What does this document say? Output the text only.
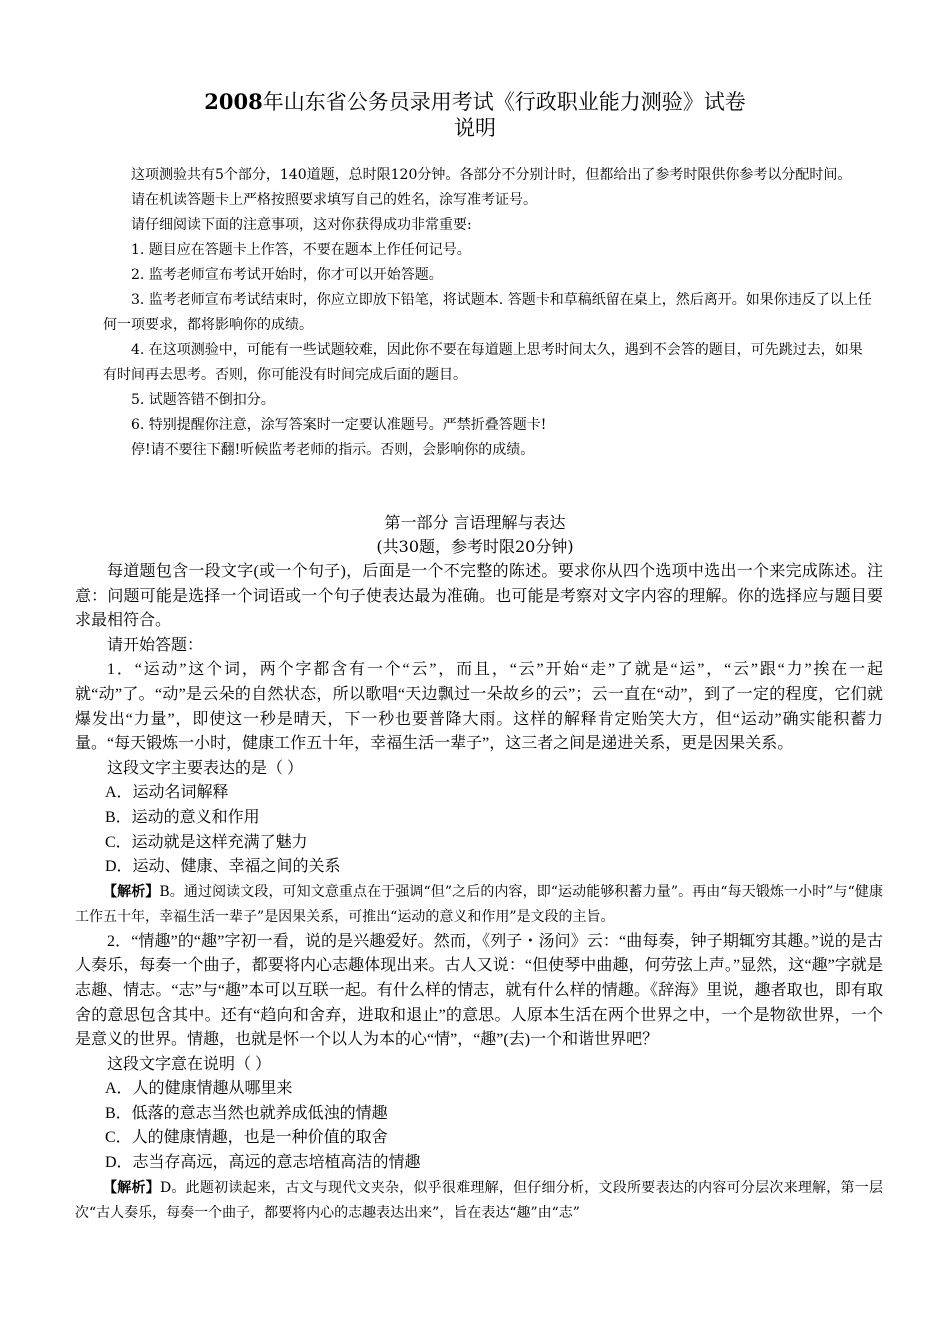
2008年山东省公务员录用考试《行政职业能力测验》试卷
说明

这项测验共有5个部分，140道题，总时限120分钟。各部分不分别计时，但都给出了参考时限供你参考以分配时间。

请在机读答题卡上严格按照要求填写自己的姓名，涂写准考证号。

请仔细阅读下面的注意事项，这对你获得成功非常重要:

1. 题目应在答题卡上作答，不要在题本上作任何记号。

2. 监考老师宣布考试开始时，你才可以开始答题。

3. 监考老师宣布考试结束时，你应立即放下铅笔，将试题本. 答题卡和草稿纸留在桌上，然后离开。如果你违反了以上任何一项要求，都将影响你的成绩。

4. 在这项测验中，可能有一些试题较难，因此你不要在每道题上思考时间太久，遇到不会答的题目，可先跳过去，如果有时间再去思考。否则，你可能没有时间完成后面的题目。

5. 试题答错不倒扣分。

6. 特别提醒你注意，涂写答案时一定要认准题号。严禁折叠答题卡!

停!请不要往下翻!听候监考老师的指示。否则，会影响你的成绩。

第一部分 言语理解与表达
(共30题，参考时限20分钟)

每道题包含一段文字(或一个句子)，后面是一个不完整的陈述。要求你从四个选项中选出一个来完成陈述。注意：问题可能是选择一个词语或一个句子使表达最为准确。也可能是考察对文字内容的理解。你的选择应与题目要求最相符合。

请开始答题：

1．“运动”这个词，两个字都含有一个“云”，而且，“云”开始“走”了就是“运”，“云”跟“力”挨在一起就“动”了。“动”是云朵的自然状态，所以歌唱“天边飘过一朵故乡的云”；云一直在“动”，到了一定的程度，它们就爆发出“力量”，即使这一秒是晴天，下一秒也要普降大雨。这样的解释肯定贻笑大方，但“运动”确实能积蓄力量。“每天锻炼一小时，健康工作五十年，幸福生活一辈子”，这三者之间是递进关系，更是因果关系。

这段文字主要表达的是（ ）

A．运动名词解释
B．运动的意义和作用
C．运动就是这样充满了魅力
D．运动、健康、幸福之间的关系

【解析】B。通过阅读文段，可知文意重点在于强调“但”之后的内容，即“运动能够积蓄力量”。再由“每天锻炼一小时”与“健康工作五十年，幸福生活一辈子”是因果关系，可推出“运动的意义和作用”是文段的主旨。

2．“情趣”的“趣”字初一看，说的是兴趣爱好。然而，《列子・汤问》云：“曲每奏，钟子期辄穷其趣。”说的是古人奏乐，每奏一个曲子，都要将内心志趣体现出来。古人又说：“但使琴中曲趣，何劳弦上声。”显然，这“趣”字就是志趣、情志。“志”与“趣”本可以互联一起。有什么样的情志，就有什么样的情趣。《辞海》里说，趣者取也，即有取舍的意思包含其中。还有“趋向和舍弃，进取和退止”的意思。人原本生活在两个世界之中，一个是物欲世界，一个是意义的世界。情趣，也就是怀一个以人为本的心“情”，“趣”(去)一个和谐世界吧？

这段文字意在说明（ ）

A．人的健康情趣从哪里来
B．低落的意志当然也就养成低浊的情趣
C．人的健康情趣，也是一种价值的取舍
D．志当存高远，高远的意志培植高洁的情趣

【解析】D。此题初读起来，古文与现代文夹杂，似乎很难理解，但仔细分析，文段所要表达的内容可分层次来理解，第一层次“古人奏乐，每奏一个曲子，都要将内心的志趣表达出来”，旨在表达“趣”由“志”
